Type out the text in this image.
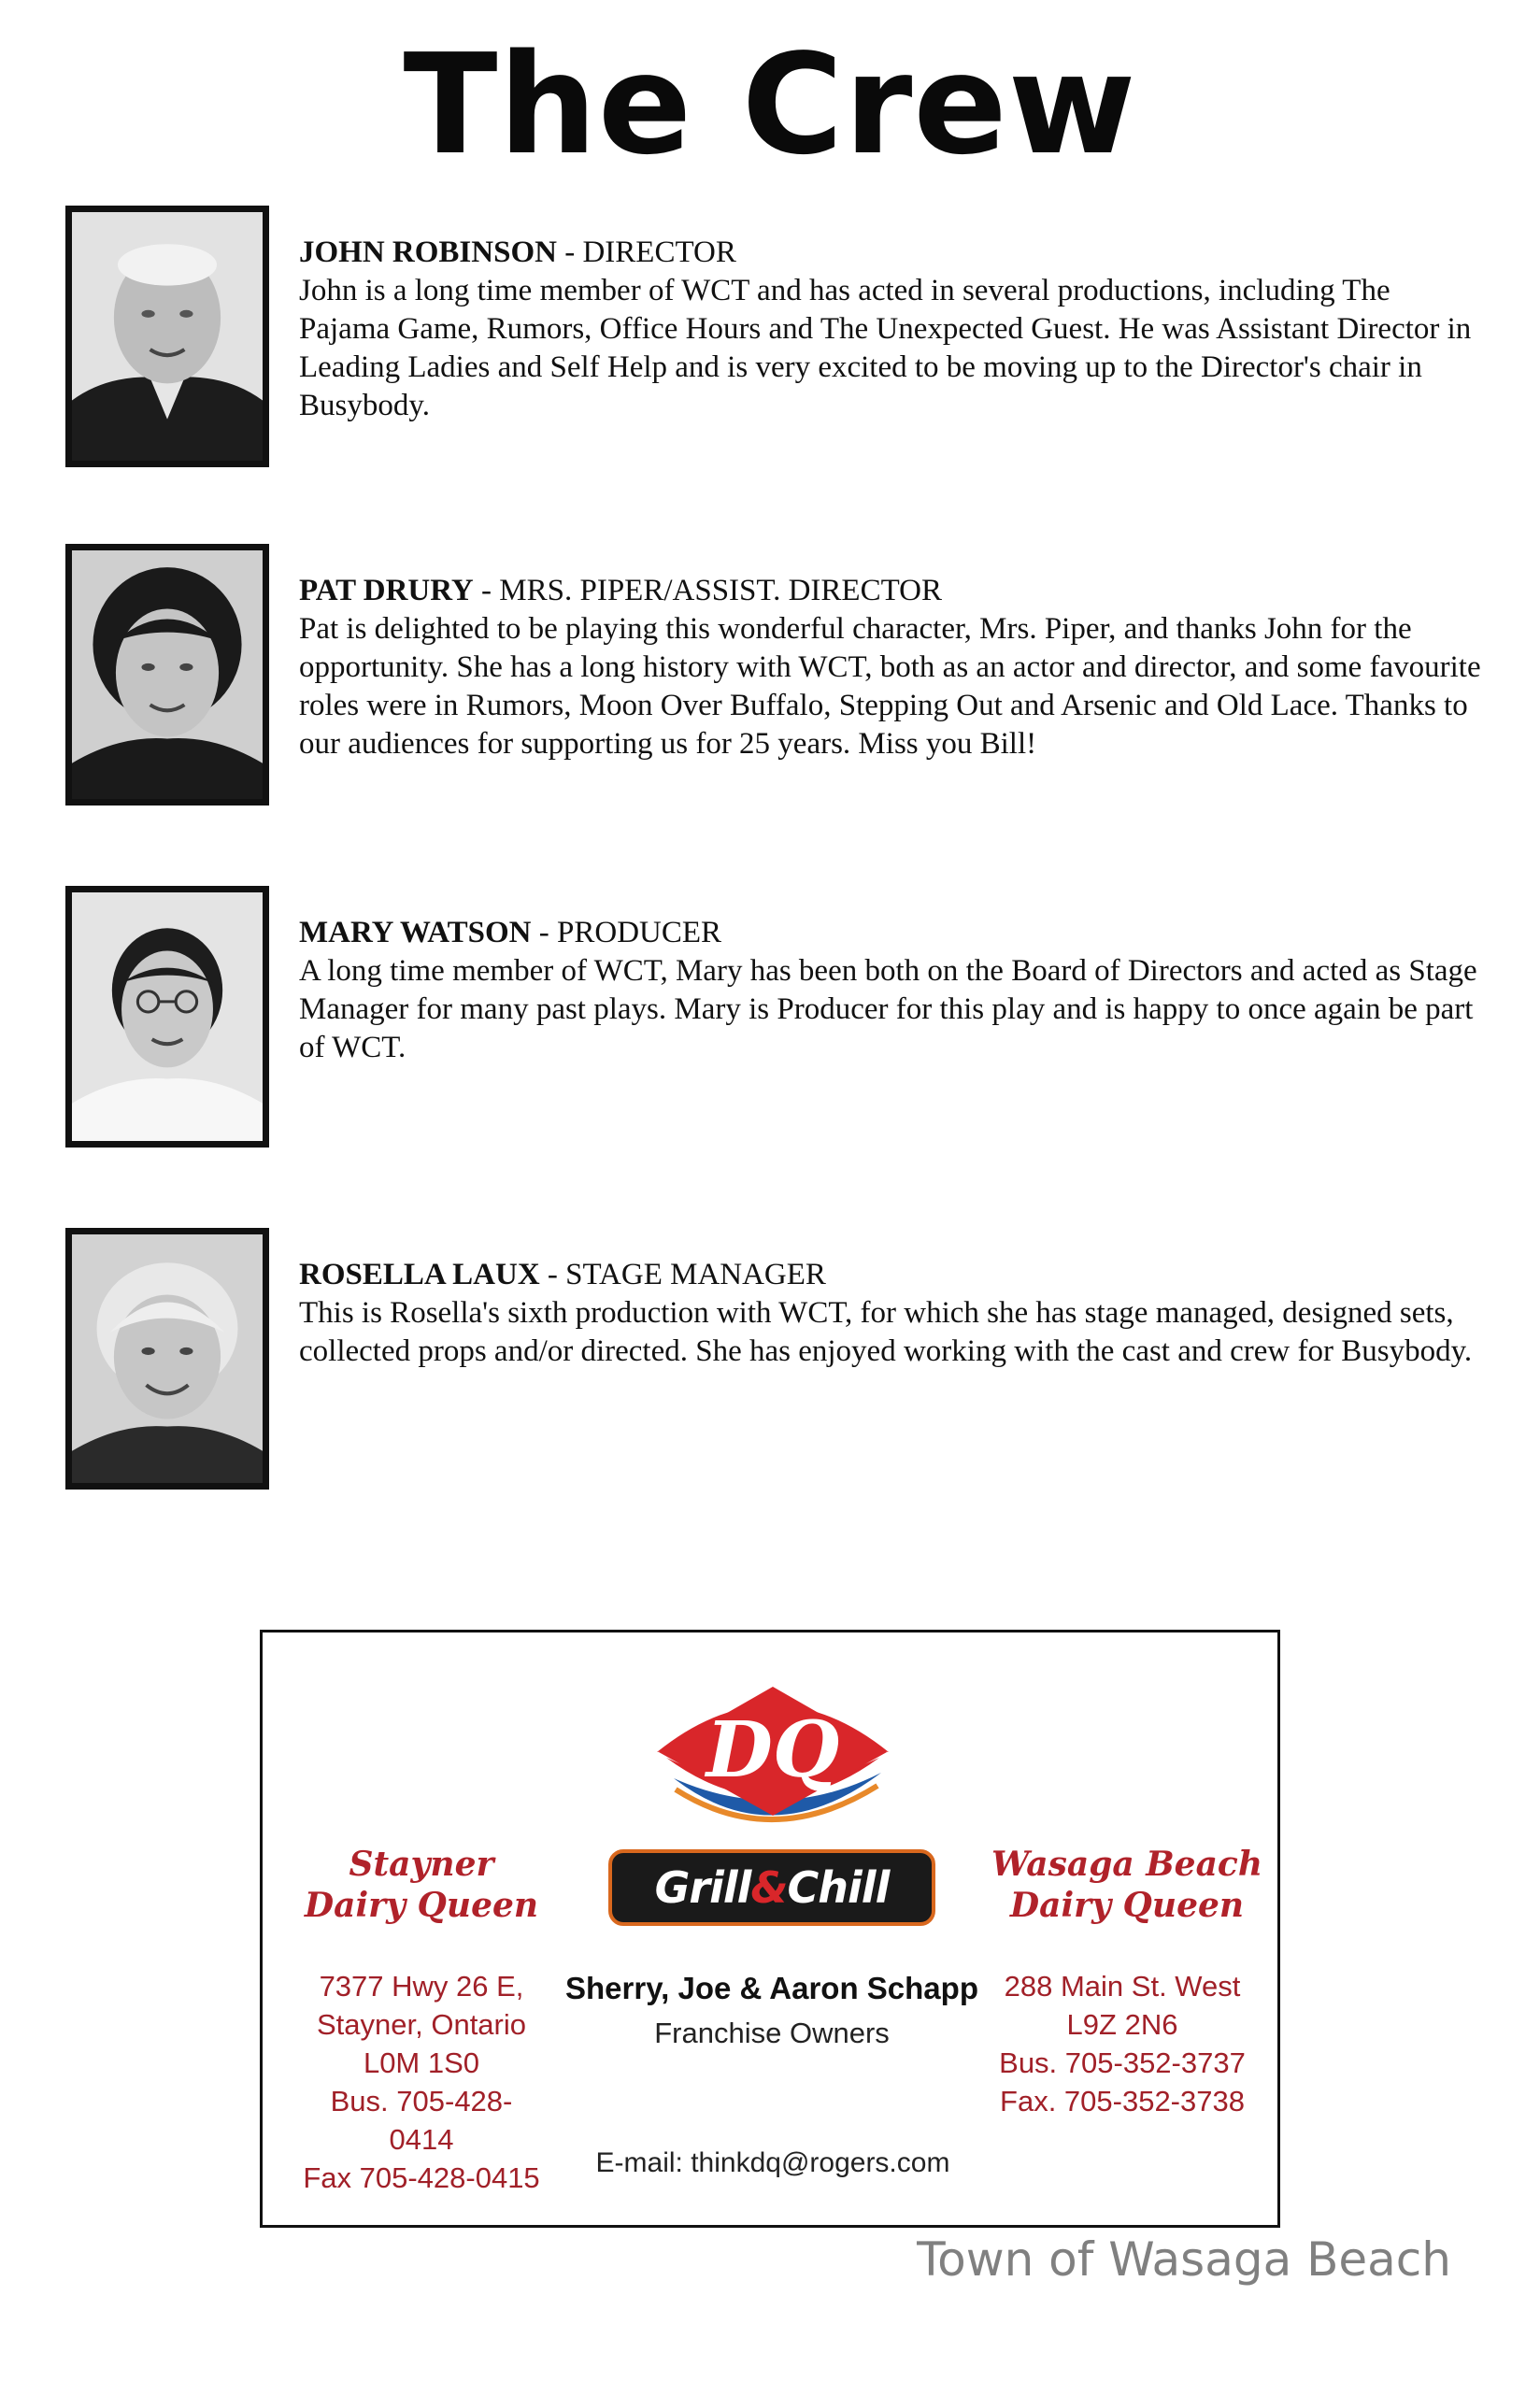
The Crew

JOHN ROBINSON - DIRECTOR

John is a long time member of WCT and has acted in several productions, including The Pajama Game, Rumors, Office Hours and The Unexpected Guest. He was Assistant Director in Leading Ladies and Self Help and is very excited to be moving up to the Director's chair in Busybody.

PAT DRURY - MRS. PIPER/ASSIST. DIRECTOR

Pat is delighted to be playing this wonderful character, Mrs. Piper, and thanks John for the opportunity. She has a long history with WCT, both as an actor and director, and some favourite roles were in Rumors, Moon Over Buffalo, Stepping Out and Arsenic and Old Lace. Thanks to our audiences for supporting us for 25 years. Miss you Bill!

MARY WATSON - PRODUCER

A long time member of WCT, Mary has been both on the Board of Directors and acted as Stage Manager for many past plays. Mary is Producer for this play and is happy to once again be part of WCT.

ROSELLA LAUX - STAGE MANAGER

This is Rosella's sixth production with WCT, for which she has stage managed, designed sets, collected props and/or directed. She has enjoyed working with the cast and crew for Busybody.

DQ
Grill&Chill
Stayner
Dairy Queen
7377 Hwy 26 E,
Stayner, Ontario
L0M 1S0
Bus. 705-428-0414
Fax 705-428-0415
Wasaga Beach
Dairy Queen
288 Main St. West
L9Z 2N6
Bus. 705-352-3737
Fax. 705-352-3738
Sherry, Joe & Aaron Schapp
Franchise Owners
E-mail: thinkdq@rogers.com
Town of Wasaga Beach
